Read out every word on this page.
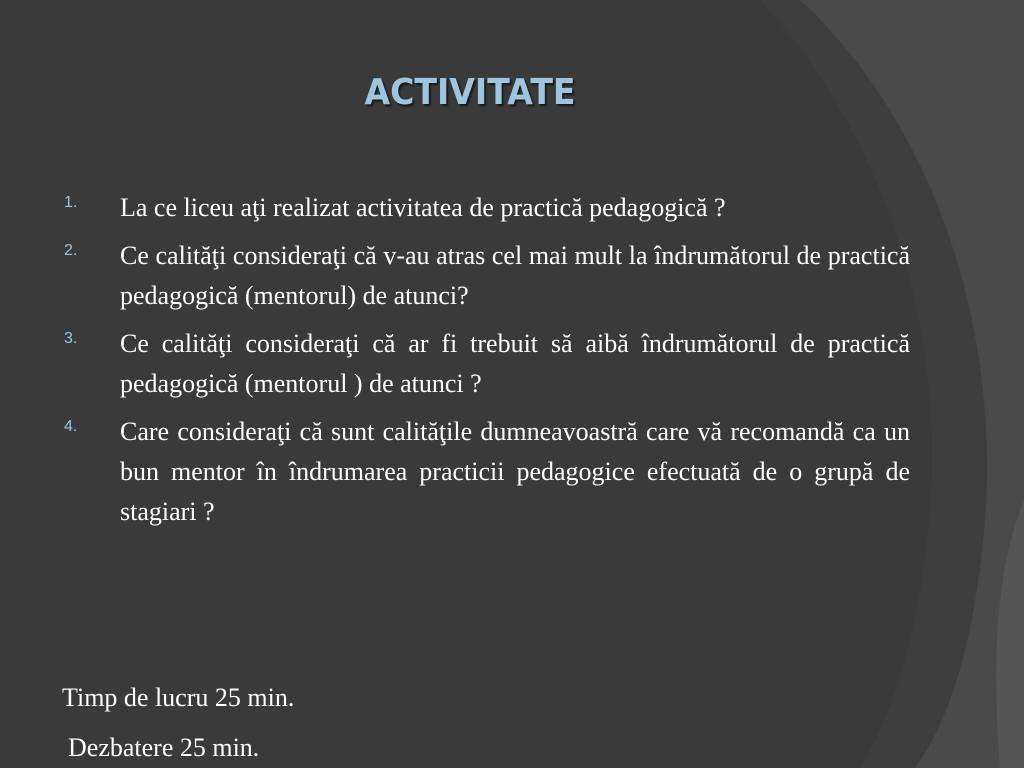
ACTIVITATE
1.	La ce liceu aţi realizat activitatea de practică pedagogică ?
2.	Ce calităţi consideraţi că v-au atras cel mai mult la îndrumătorul de practică pedagogică (mentorul) de atunci?
3.	Ce calităţi consideraţi că ar fi trebuit să aibă îndrumătorul de practică pedagogică (mentorul ) de atunci ?
4.	Care consideraţi că sunt calităţile dumneavoastră care vă recomandă ca un bun mentor în îndrumarea practicii pedagogice efectuată de o grupă de stagiari ?
Timp de lucru 25 min.
Dezbatere 25 min.
